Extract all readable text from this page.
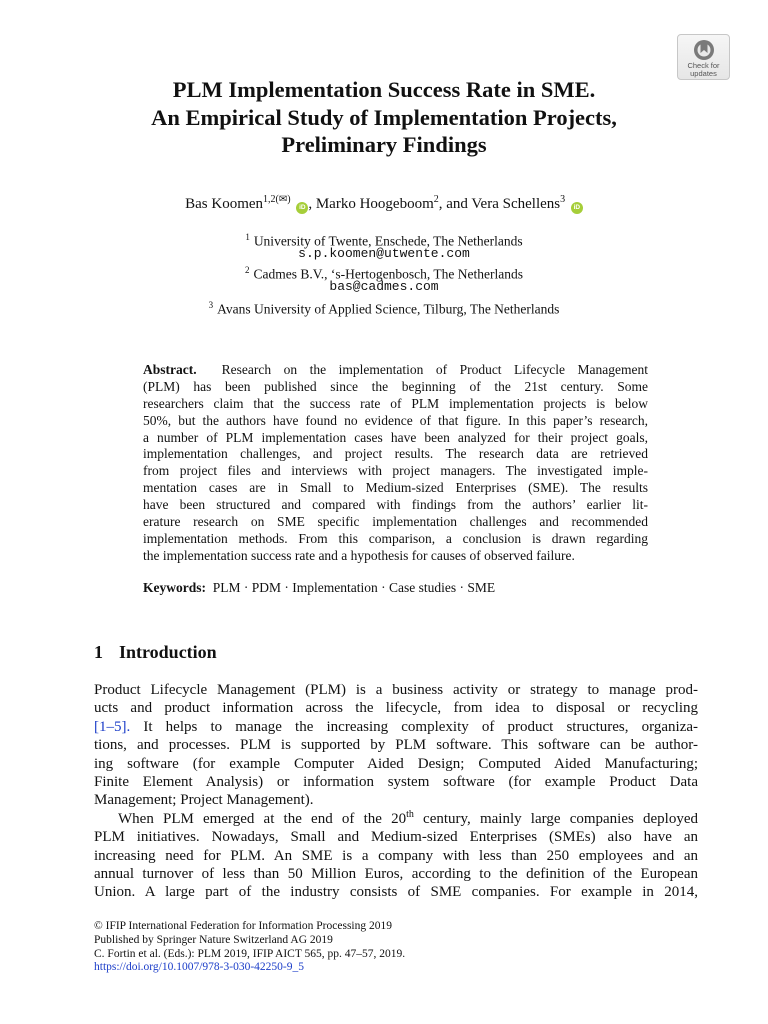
Check for
updates
PLM Implementation Success Rate in SME.
An Empirical Study of Implementation Projects,
Preliminary Findings
Bas Koomen$^{1,2(✉)}$ iD , Marko Hoogeboom$^2$, and Vera Schellens$^3$ iD
$^1$ University of Twente, Enschede, The Netherlands
s.p.koomen@utwente.com
$^2$ Cadmes B.V., ‘s-Hertogenbosch, The Netherlands
bas@cadmes.com
$^3$ Avans University of Applied Science, Tilburg, The Netherlands
Abstract. Research on the implementation of Product Lifecycle Management
(PLM) has been published since the beginning of the 21st century. Some
researchers claim that the success rate of PLM implementation projects is below
50%, but the authors have found no evidence of that figure. In this paper’s research,
a number of PLM implementation cases have been analyzed for their project goals,
implementation challenges, and project results. The research data are retrieved
from project files and interviews with project managers. The investigated imple-
mentation cases are in Small to Medium-sized Enterprises (SME). The results
have been structured and compared with findings from the authors’ earlier lit-
erature research on SME specific implementation challenges and recommended
implementation methods. From this comparison, a conclusion is drawn regarding
the implementation success rate and a hypothesis for causes of observed failure.
Keywords: PLM · PDM · Implementation · Case studies · SME
1 Introduction
Product Lifecycle Management (PLM) is a business activity or strategy to manage prod-
ucts and product information across the lifecycle, from idea to disposal or recycling
[1–5]. It helps to manage the increasing complexity of product structures, organiza-
tions, and processes. PLM is supported by PLM software. This software can be author-
ing software (for example Computer Aided Design; Computed Aided Manufacturing;
Finite Element Analysis) or information system software (for example Product Data
Management; Project Management).
When PLM emerged at the end of the 20th century, mainly large companies deployed
PLM initiatives. Nowadays, Small and Medium-sized Enterprises (SMEs) also have an
increasing need for PLM. An SME is a company with less than 250 employees and an
annual turnover of less than 50 Million Euros, according to the definition of the European
Union. A large part of the industry consists of SME companies. For example in 2014,
© IFIP International Federation for Information Processing 2019
Published by Springer Nature Switzerland AG 2019
C. Fortin et al. (Eds.): PLM 2019, IFIP AICT 565, pp. 47–57, 2019.
https://doi.org/10.1007/978-3-030-42250-9_5
